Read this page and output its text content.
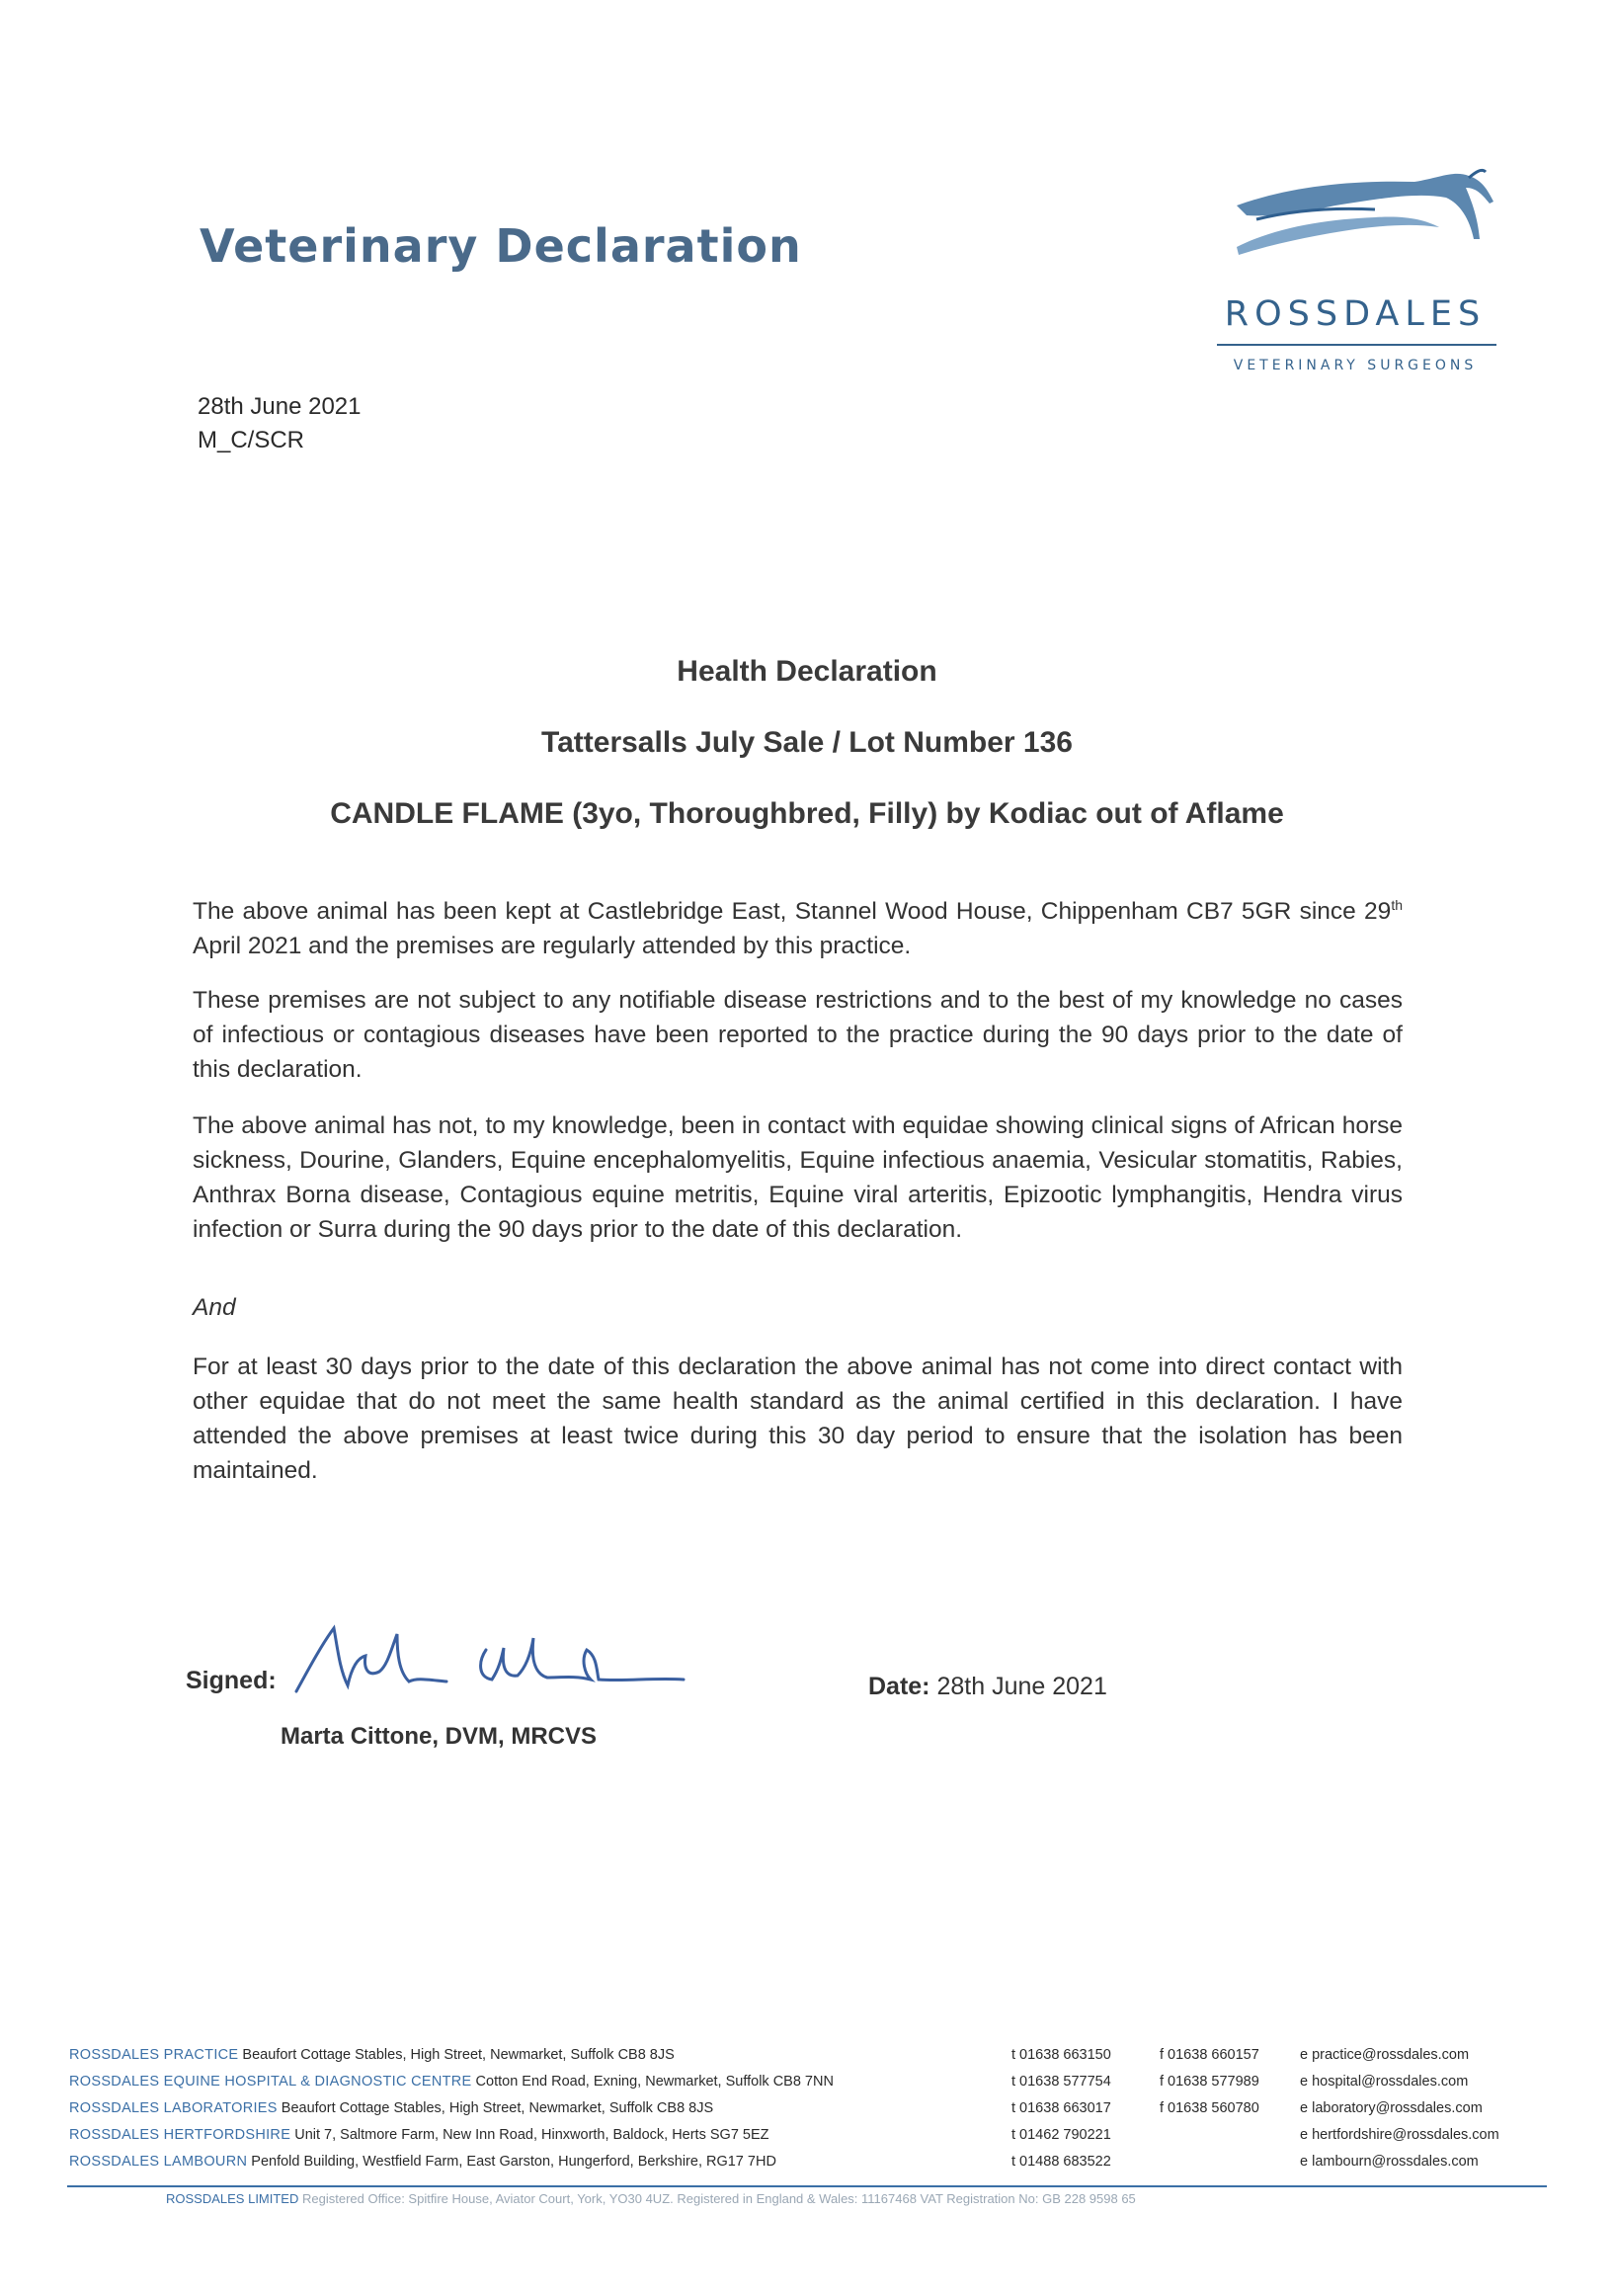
Veterinary Declaration
ROSSDALES
VETERINARY SURGEONS
28th June 2021
M_C/SCR
Health Declaration
Tattersalls July Sale / Lot Number 136
CANDLE FLAME (3yo, Thoroughbred, Filly) by Kodiac out of Aflame
The above animal has been kept at Castlebridge East, Stannel Wood House, Chippenham CB7 5GR since 29th April 2021 and the premises are regularly attended by this practice.
These premises are not subject to any notifiable disease restrictions and to the best of my knowledge no cases of infectious or contagious diseases have been reported to the practice during the 90 days prior to the date of this declaration.
The above animal has not, to my knowledge, been in contact with equidae showing clinical signs of African horse sickness, Dourine, Glanders, Equine encephalomyelitis, Equine infectious anaemia, Vesicular stomatitis, Rabies, Anthrax Borna disease, Contagious equine metritis, Equine viral arteritis, Epizootic lymphangitis, Hendra virus infection or Surra during the 90 days prior to the date of this declaration.
And
For at least 30 days prior to the date of this declaration the above animal has not come into direct contact with other equidae that do not meet the same health standard as the animal certified in this declaration. I have attended the above premises at least twice during this 30 day period to ensure that the isolation has been maintained.
Signed:	Date: 28th June 2021
Marta Cittone, DVM, MRCVS
ROSSDALES PRACTICE Beaufort Cottage Stables, High Street, Newmarket, Suffolk CB8 8JS	t 01638 663150	f 01638 660157	e practice@rossdales.com
ROSSDALES EQUINE HOSPITAL & DIAGNOSTIC CENTRE Cotton End Road, Exning, Newmarket, Suffolk CB8 7NN	t 01638 577754	f 01638 577989	e hospital@rossdales.com
ROSSDALES LABORATORIES Beaufort Cottage Stables, High Street, Newmarket, Suffolk CB8 8JS	t 01638 663017	f 01638 560780	e laboratory@rossdales.com
ROSSDALES HERTFORDSHIRE Unit 7, Saltmore Farm, New Inn Road, Hinxworth, Baldock, Herts SG7 5EZ	t 01462 790221	e hertfordshire@rossdales.com
ROSSDALES LAMBOURN Penfold Building, Westfield Farm, East Garston, Hungerford, Berkshire, RG17 7HD	t 01488 683522	e lambourn@rossdales.com
ROSSDALES LIMITED Registered Office: Spitfire House, Aviator Court, York, YO30 4UZ. Registered in England & Wales: 11167468 VAT Registration No: GB 228 9598 65
